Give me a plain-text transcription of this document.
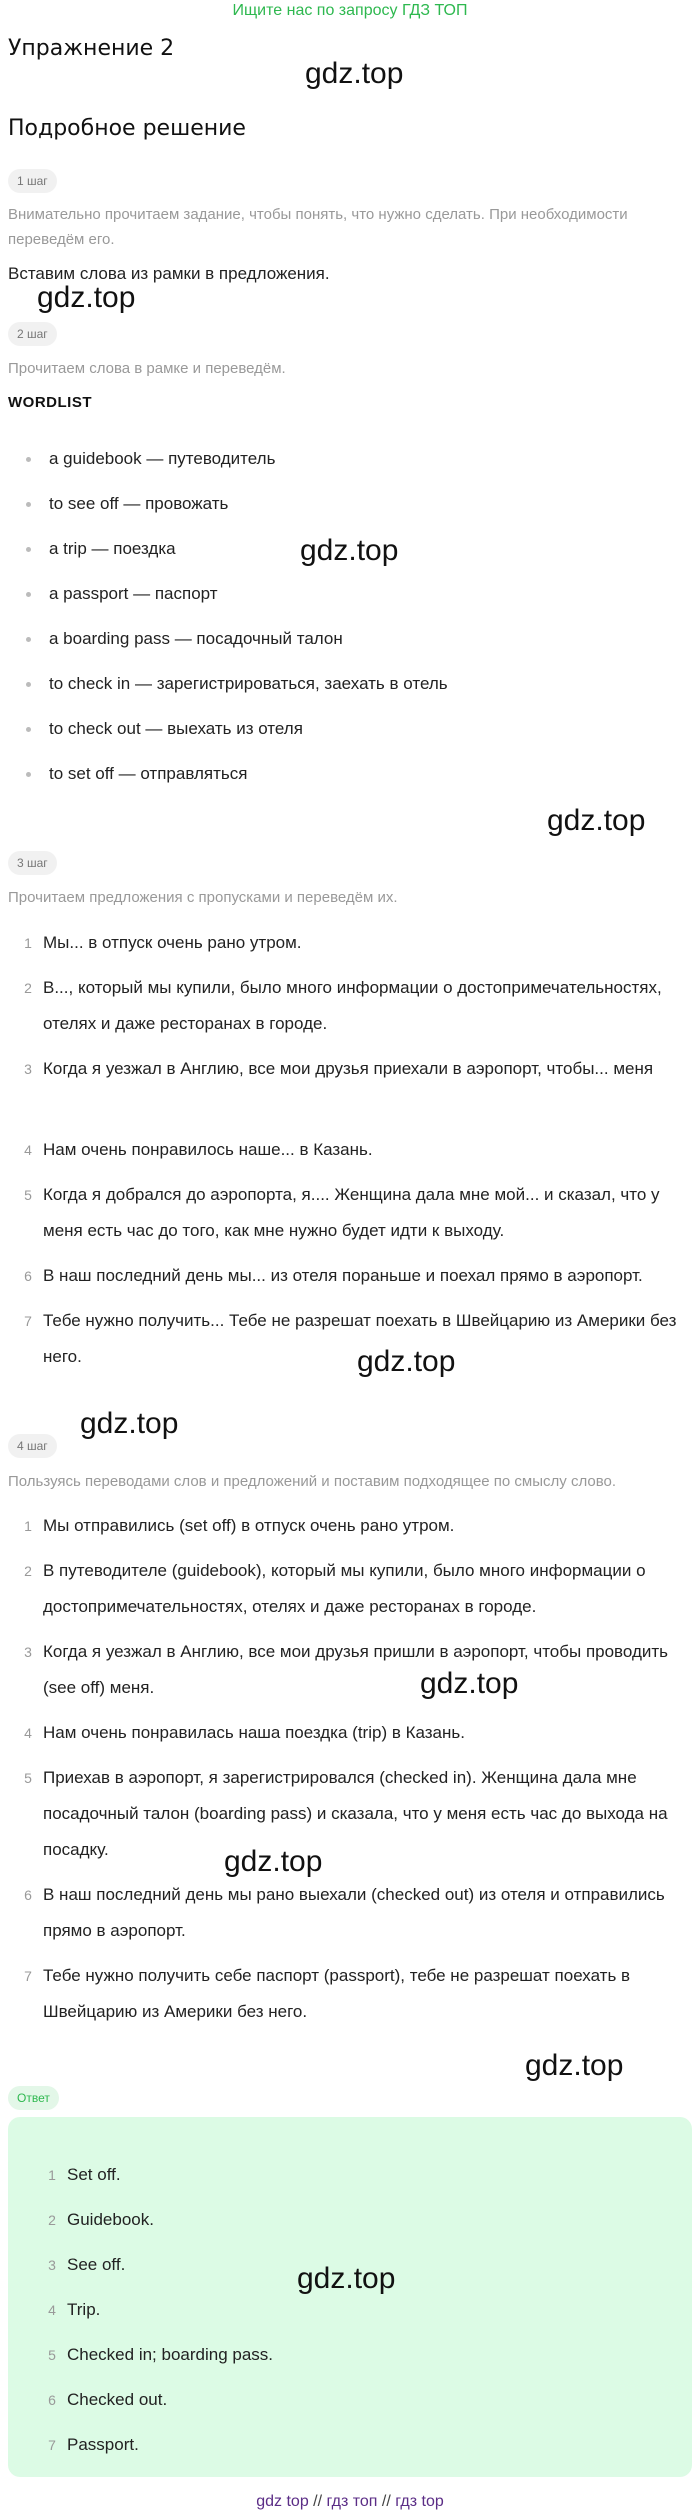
Ищите нас по запросу ГДЗ ТОП
Упражнение 2
gdz.top
Подробное решение
1 шаг

Внимательно прочитаем задание, чтобы понять, что нужно сделать. При необходимости переведём его.

Вставим слова из рамки в предложения.

gdz.top
2 шаг

Прочитаем слова в рамке и переведём.

WORDLIST
a guidebook — путеводитель
to see off — провожать
a trip — поездка
a passport — паспорт
a boarding pass — посадочный талон
to check in — зарегистрироваться, заехать в отель
to check out — выехать из отеля
to set off — отправляться
gdz.top
gdz.top
3 шаг

Прочитаем предложения с пропусками и переведём их.

1 Мы... в отпуск очень рано утром.
2 В..., который мы купили, было много информации о достопримечательностях, отелях и даже ресторанах в городе.
3 Когда я уезжал в Англию, все мои друзья приехали в аэропорт, чтобы... меня
4 Нам очень понравилось наше... в Казань.
5 Когда я добрался до аэропорта, я.... Женщина дала мне мой... и сказал, что у меня есть час до того, как мне нужно будет идти к выходу.
6 В наш последний день мы... из отеля пораньше и поехал прямо в аэропорт.
7 Тебе нужно получить... Тебе не разрешат поехать в Швейцарию из Америки без него.	gdz.top
gdz.top
4 шаг

Пользуясь переводами слов и предложений и поставим подходящее по смыслу слово.

1 Мы отправились (set off) в отпуск очень рано утром.
2 В путеводителе (guidebook), который мы купили, было много информации о достопримечательностях, отелях и даже ресторанах в городе.
3 Когда я уезжал в Англию, все мои друзья пришли в аэропорт, чтобы проводить (see off) меня.
4 Нам очень понравилась наша поездка (trip) в Казань.
5 Приехав в аэропорт, я зарегистрировался (checked in). Женщина дала мне посадочный талон (boarding pass) и сказала, что у меня есть час до выхода на посадку.
6 В наш последний день мы рано выехали (checked out) из отеля и отправились прямо в аэропорт.
7 Тебе нужно получить себе паспорт (passport), тебе не разрешат поехать в Швейцарию из Америки без него.
gdz.top
gdz.top
gdz.top
Ответ
1 Set off.
2 Guidebook.
3 See off.
4 Trip.
5 Checked in; boarding pass.
6 Checked out.
7 Passport.
gdz.top
gdz top // гдз топ // гдз top
